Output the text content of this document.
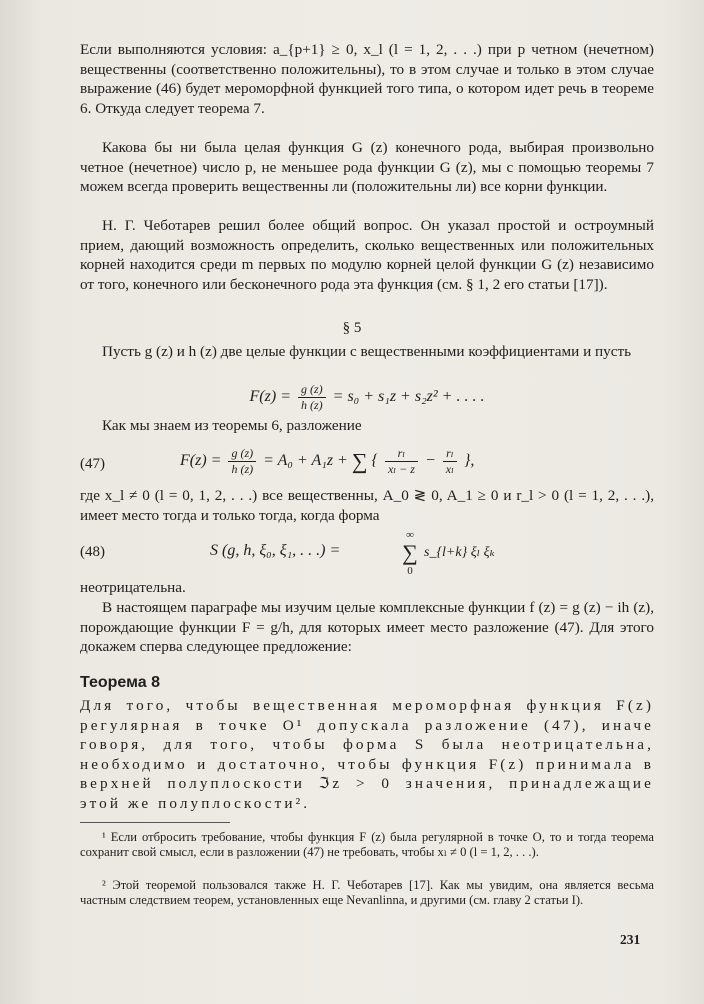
Если выполняются условия: a_{p+1} ≥ 0, x_l (l = 1, 2, . . .) при p четном (нечетном) вещественны (соответственно положительны), то в этом случае и только в этом случае выражение (46) будет мероморфной функцией того типа, о котором идет речь в теореме 6. Откуда следует теорема 7.

Какова бы ни была целая функция G (z) конечного рода, выбирая произвольно четное (нечетное) число p, не меньшее рода функции G (z), мы с помощью теоремы 7 можем всегда проверить вещественны ли (положительны ли) все корни функции.

Н. Г. Чеботарев решил более общий вопрос. Он указал простой и остроумный прием, дающий возможность определить, сколько вещественных или положительных корней находится среди m первых по модулю корней целой функции G (z) независимо от того, конечного или бесконечного рода эта функция (см. § 1, 2 его статьи [17]).

§ 5

Пусть g (z) и h (z) две целые функции с вещественными коэффициентами и пусть

$F(z) = \frac{g (z)}{h (z)} = s_0 + s_1z + s_2z^2$ + . . . .

Как мы знаем из теоремы 6, разложение

(47)	$F(z) = \frac{g (z)}{h (z)} = A_0 + A_1z$ + ∑ { $\frac{\text{rₗ}}{\text{xₗ − z}} - \frac{\text{rₗ}}{\text{xₗ}}$ },

где x_l ≠ 0 (l = 0, 1, 2, . . .) все вещественны, A_0 ≷ 0, A_1 ≥ 0 и r_l > 0 (l = 1, 2, . . .), имеет место тогда и только тогда, когда форма

(48)	S (g, h, ξ₀, ξ₁, . . .) =
∞
∑
0
s_{l+k} ξₗ ξₖ

неотрицательна.

В настоящем параграфе мы изучим целые комплексные функции f (z) = g (z) − ih (z), порождающие функции F = g/h, для которых имеет место разложение (47). Для этого докажем сперва следующее предложение:

Теорема 8

Для того, чтобы вещественная мероморфная функция F(z) регулярная в точке O¹ допускала разложение (47), иначе говоря, для того, чтобы форма S была неотрицательна, необходимо и достаточно, чтобы функция F(z) принимала в верхней полуплоскости ℑz > 0 значения, принадлежащие этой же полуплоскости².

¹ Если отбросить требование, чтобы функция F (z) была регулярной в точке O, то и тогда теорема сохранит свой смысл, если в разложении (47) не требовать, чтобы xₗ ≠ 0 (l = 1, 2, . . .).

² Этой теоремой пользовался также Н. Г. Чеботарев [17]. Как мы увидим, она является весьма частным следствием теорем, установленных еще Nevanlinna, и другими (см. главу 2 статьи I).

231
